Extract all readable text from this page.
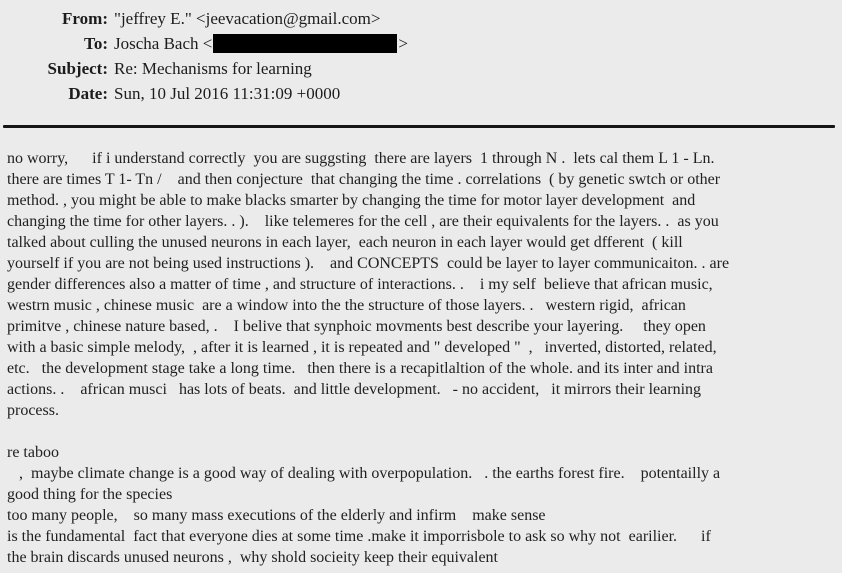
From: "jeffrey E." <jeevacation@gmail.com>
To: Joscha Bach <	>
Subject: Re: Mechanisms for learning
Date: Sun, 10 Jul 2016 11:31:09 +0000
no worry,      if i understand correctly  you are suggsting  there are layers  1 through N .  lets cal them L 1 - Ln.
there are times T 1- Tn /    and then conjecture  that changing the time . correlations  ( by genetic swtch or other
method. , you might be able to make blacks smarter by changing the time for motor layer development  and
changing the time for other layers. . ).    like telemeres for the cell , are their equivalents for the layers. .  as you
talked about culling the unused neurons in each layer,  each neuron in each layer would get dfferent  ( kill
yourself if you are not being used instructions ).    and CONCEPTS  could be layer to layer communicaiton. . are
gender differences also a matter of time , and structure of interactions. .    i my self  believe that african music,
westrn music , chinese music  are a window into the the structure of those layers. .   western rigid,  african
primitve , chinese nature based, .    I belive that synphoic movments best describe your layering.     they open
with a basic simple melody,  , after it is learned , it is repeated and " developed "  ,   inverted, distorted, related,
etc.   the development stage take a long time.   then there is a recapitlaltion of the whole. and its inter and intra
actions. .    african musci   has lots of beats.  and little development.   - no accident,   it mirrors their learning
process.

re taboo
,  maybe climate change is a good way of dealing with overpopulation.   . the earths forest fire.    potentailly a
good thing for the species
too many people,    so many mass executions of the elderly and infirm    make sense
is the fundamental  fact that everyone dies at some time .make it imporrisbole to ask so why not  earilier.      if
the brain discards unused neurons ,  why shold socieity keep their equivalent
